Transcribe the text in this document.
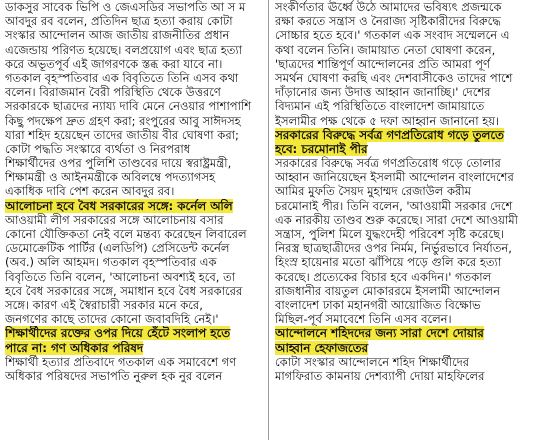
ডাকসুর সাবেক ভিপি ও জেএসডির সভাপতি আ স ম
আবদুর রব বলেন, প্রতিদিন ছাত্র হত্যা করায় কোটা
সংস্কার আন্দোলন আজ জাতীয় রাজনীতির প্রধান
এজেন্ডায় পরিণত হয়েছে। বলপ্রয়োগ এবং ছাত্র হত্যা
করে অভূতপূর্ব এই জাগরণকে স্তব্ধ করা যাবে না।
গতকাল বৃহস্পতিবার এক বিবৃতিতে তিনি এসব কথা
বলেন। বিরাজমান বৈরী পরিস্থিতি থেকে উত্তরণে
সরকারকে ছাত্রদের ন্যায্য দাবি মেনে নেওয়ার পাশাপাশি
কিছু পদক্ষেপ দ্রুত গ্রহণ করা; রংপুরের আবু সাঈদসহ
যারা শহিদ হয়েছেন তাদের জাতীয় বীর ঘোষণা করা;
কোটা পদ্ধতি সংস্কারে ব্যর্থতা ও নিরপরাধ
শিক্ষার্থীদের ওপর পুলিশি তাণ্ডবের দায়ে স্বরাষ্ট্রমন্ত্রী,
শিক্ষামন্ত্রী ও আইনমন্ত্রীকে অবিলম্বে পদত্যাগসহ
একাধিক দাবি পেশ করেন আবদুর রব।
আলোচনা হবে বৈধ সরকারের সঙ্গে: কর্নেল অলি
আওয়ামী লীগ সরকারের সঙ্গে আলোচনায় বসার
কোনো যৌক্তিকতা নেই বলে মন্তব্য করেছেন লিবারেল
ডেমোক্রেটিক পার্টির (এলডিপি) প্রেসিডেন্ট কর্নেল
(অব.) অলি আহমদ। গতকাল বৃহস্পতিবার এক
বিবৃতিতে তিনি বলেন, 'আলোচনা অবশ্যই হবে, তা
হবে বৈধ সরকারের সঙ্গে, সমাধান হবে বৈধ সরকারের
সঙ্গে। কারণ এই স্বৈরাচারী সরকার মনে করে,
জনগণের কাছে তাদের কোনো জবাবদিহি নেই।'
শিক্ষার্থীদের রক্তের ওপর দিয়ে হেঁটে সংলাপ হতে
পারে না: গণ অধিকার পরিষদ
শিক্ষার্থী হত্যার প্রতিবাদে গতকাল এক সমাবেশে গণ
অধিকার পরিষদের সভাপতি নুরুল হক নুর বলেন
সংকীর্ণতার ঊর্ধ্বে উঠে আমাদের ভবিষ্যৎ প্রজন্মকে
রক্ষা করতে সন্ত্রাস ও নৈরাজ্য সৃষ্টিকারীদের বিরুদ্ধে
সোচ্চার হতে হবে।' গতকাল এক সংবাদ সম্মেলনে এ
কথা বলেন তিনি। জামায়াত নেতা ঘোষণা করেন,
'ছাত্রদের শান্তিপূর্ণ আন্দোলনের প্রতি আমরা পূর্ণ
সমর্থন ঘোষণা করছি এবং দেশবাসীকেও তাদের পাশে
দাঁড়ানোর জন্য উদাত্ত আহ্বান জানাচ্ছি।' দেশের
বিদ্যমান এই পরিস্থিতিতে বাংলাদেশ জামায়াতে
ইসলামীর পক্ষ থেকে ৫ দফা আহ্বান জানানো হয়।
সরকারের বিরুদ্ধে সর্বত্র গণপ্রতিরোধ গড়ে তুলতে
হবে: চরমোনাই পীর
সরকারের বিরুদ্ধে সর্বত্র গণপ্রতিরোধ গড়ে তোলার
আহ্বান জানিয়েছেন ইসলামী আন্দোলন বাংলাদেশের
আমির মুফতি সৈয়দ মুহাম্মদ রেজাউল করীম
চরমোনাই পীর। তিনি বলেন, 'আওয়ামী সরকার দেশে
এক নারকীয় তাণ্ডব শুরু করেছে। সারা দেশে আওয়ামী
সন্ত্রাস, পুলিশ মিলে যুদ্ধংদেহী পরিবেশ সৃষ্টি করেছে।
নিরস্ত্র ছাত্রছাত্রীদের ওপর নির্মম, নির্ভুরভাবে নির্যাতন,
হিংস্র হায়েনার মতো ঝাঁপিয়ে পড়ে গুলি করে হত্যা
করেছে। প্রত্যেকের বিচার হবে একদিন।' গতকাল
রাজধানীর বায়তুল মোকাররমে ইসলামী আন্দোলন
বাংলাদেশ ঢাকা মহানগরী আয়োজিত বিক্ষোভ
মিছিল-পূর্ব সমাবেশে তিনি এসব বলেন।
আন্দোলনে শহিদদের জন্য সারা দেশে দোয়ার
আহ্বান হেফাজতের
কোটা সংস্কার আন্দোলনে শহিদ শিক্ষার্থীদের
মাগফিরাত কামনায় দেশব্যাপী দোয়া মাহফিলের
